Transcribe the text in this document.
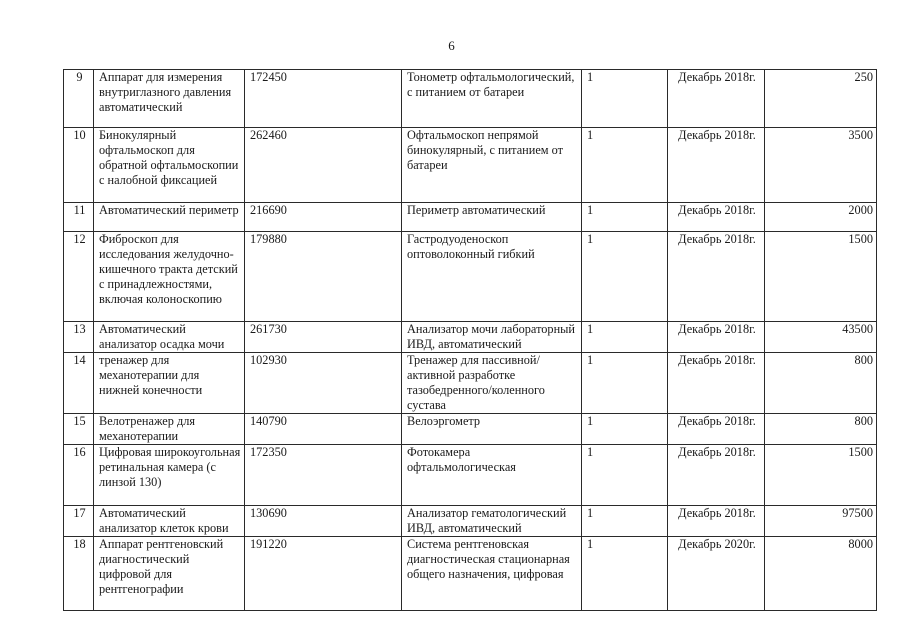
6
9	Аппарат для измерения внутриглазного давления автоматический	172450	Тонометр офтальмологический, с питанием от батареи	1	Декабрь 2018г.	250
10	Бинокулярный офтальмоскоп для обратной офтальмоскопии с налобной фиксацией	262460	Офтальмоскоп непрямой бинокулярный, с питанием от батареи	1	Декабрь 2018г.	3500
11	Автоматический периметр	216690	Периметр автоматический	1	Декабрь 2018г.	2000
12	Фиброскоп для исследования желудочно-кишечного тракта детский с принадлежностями, включая колоноскопию	179880	Гастродуоденоскоп оптоволоконный гибкий	1	Декабрь 2018г.	1500
13	Автоматический анализатор осадка мочи	261730	Анализатор мочи лабораторный ИВД, автоматический	1	Декабрь 2018г.	43500
14	тренажер для механотерапии для нижней конечности	102930	Тренажер для пассивной/активной разработке тазобедренного/коленного сустава	1	Декабрь 2018г.	800
15	Велотренажер для механотерапии	140790	Велоэргометр	1	Декабрь 2018г.	800
16	Цифровая широкоугольная ретинальная камера (с линзой 130)	172350	Фотокамера офтальмологическая	1	Декабрь 2018г.	1500
17	Автоматический анализатор клеток крови	130690	Анализатор гематологический ИВД, автоматический	1	Декабрь 2018г.	97500
18	Аппарат рентгеновский диагностический цифровой для рентгенографии	191220	Система рентгеновская диагностическая стационарная общего назначения, цифровая	1	Декабрь 2020г.	8000
